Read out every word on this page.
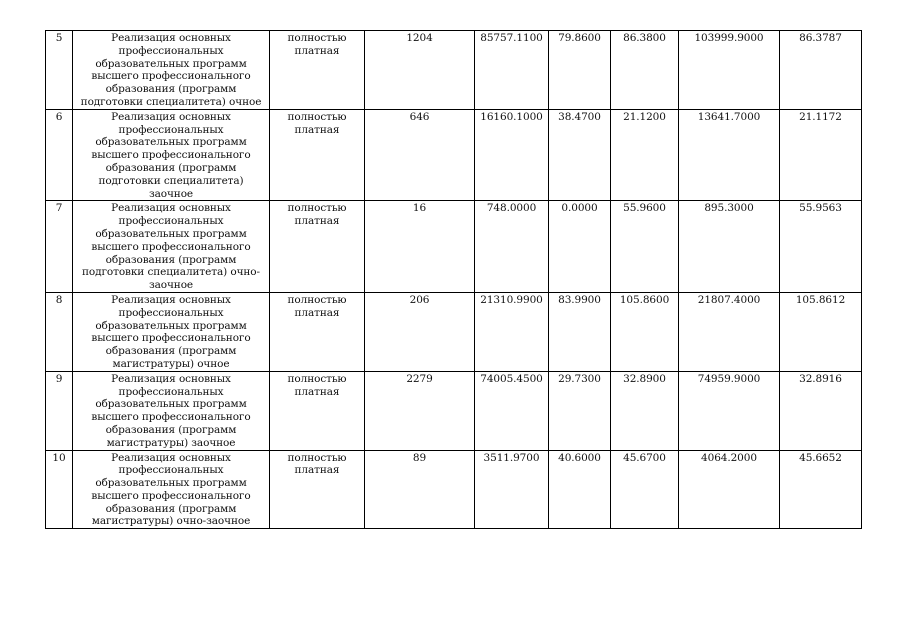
5	Реализация основных профессиональных образовательных программ высшего профессионального образования (программ подготовки специалитета) очное	полностью платная	1204	85757.1100	79.8600	86.3800	103999.9000	86.3787
6	Реализация основных профессиональных образовательных программ высшего профессионального образования (программ подготовки специалитета) заочное	полностью платная	646	16160.1000	38.4700	21.1200	13641.7000	21.1172
7	Реализация основных профессиональных образовательных программ высшего профессионального образования (программ подготовки специалитета) очно-заочное	полностью платная	16	748.0000	0.0000	55.9600	895.3000	55.9563
8	Реализация основных профессиональных образовательных программ высшего профессионального образования (программ магистратуры) очное	полностью платная	206	21310.9900	83.9900	105.8600	21807.4000	105.8612
9	Реализация основных профессиональных образовательных программ высшего профессионального образования (программ магистратуры) заочное	полностью платная	2279	74005.4500	29.7300	32.8900	74959.9000	32.8916
10	Реализация основных профессиональных образовательных программ высшего профессионального образования (программ магистратуры) очно-заочное	полностью платная	89	3511.9700	40.6000	45.6700	4064.2000	45.6652
